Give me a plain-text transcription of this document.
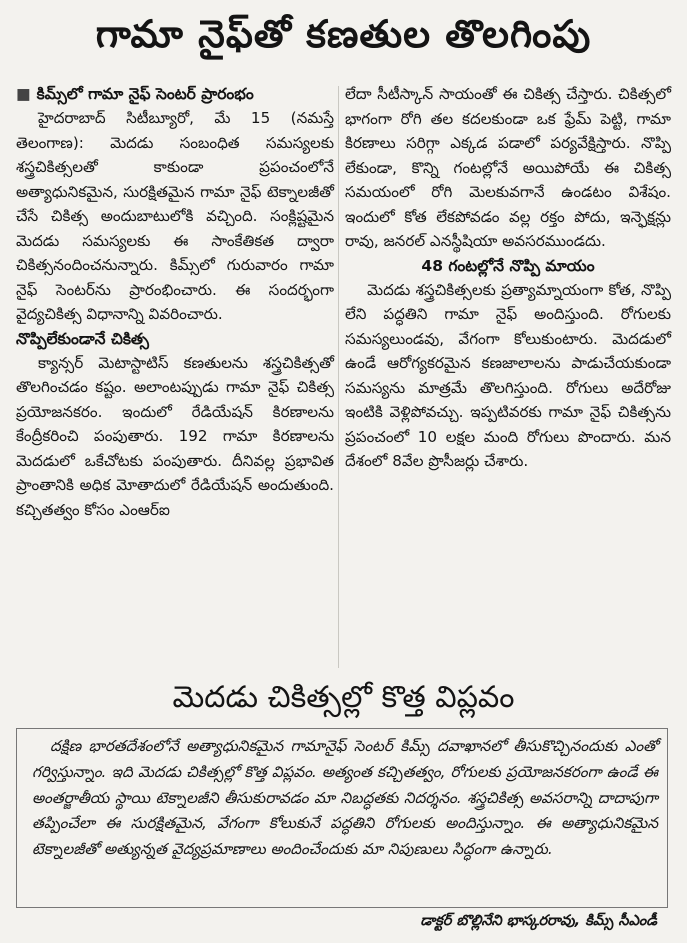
గామా నైఫ్‌తో కణతుల తొలగింపు

■ కిమ్స్‌లో గామా నైఫ్ సెంటర్ ప్రారంభం

హైదరాబాద్ సిటీబ్యూరో, మే 15 (నమస్తే తెలంగాణ): మెదడు సంబంధిత సమస్యలకు శస్త్రచికిత్సలతో కాకుండా ప్రపంచంలోనే అత్యాధునికమైన, సురక్షితమైన గామా నైఫ్ టెక్నాలజీతో చేసే చికిత్స అందుబాటులోకి వచ్చింది. సంక్లిష్టమైన మెదడు సమస్యలకు ఈ సాంకేతికత ద్వారా చికిత్సనందించనున్నారు. కిమ్స్‌లో గురువారం గామా నైఫ్ సెంటర్‌ను ప్రారంభించారు. ఈ సందర్భంగా వైద్యచికిత్స విధానాన్ని వివరించారు.

నొప్పిలేకుండానే చికిత్స

క్యాన్సర్ మెటాస్టాటిస్ కణతులను శస్త్రచికిత్సతో తొలగించడం కష్టం. అలాంటప్పుడు గామా నైఫ్ చికిత్స ప్రయోజనకరం. ఇందులో రేడియేషన్ కిరణాలను కేంద్రీకరించి పంపుతారు. 192 గామా కిరణాలను మెదడులో ఒకేచోటకు పంపుతారు. దీనివల్ల ప్రభావిత ప్రాంతానికి అధిక మోతాదులో రేడియేషన్ అందుతుంది. కచ్చితత్వం కోసం ఎంఆర్ఐ

లేదా సీటీస్కాన్ సాయంతో ఈ చికిత్స చేస్తారు. చికిత్సలో భాగంగా రోగి తల కదలకుండా ఒక ఫ్రేమ్ పెట్టి, గామా కిరణాలు సరిగ్గా ఎక్కడ పడాలో పర్యవేక్షిస్తారు. నొప్పి లేకుండా, కొన్ని గంటల్లోనే అయిపోయే ఈ చికిత్స సమయంలో రోగి మెలకువగానే ఉండటం విశేషం. ఇందులో కోత లేకపోవడం వల్ల రక్తం పోదు, ఇన్ఫెక్షన్లు రావు, జనరల్ ఎనస్థీషియా అవసరముండదు.

48 గంటల్లోనే నొప్పి మాయం

మెదడు శస్త్రచికిత్సలకు ప్రత్యామ్నాయంగా కోత, నొప్పి లేని పద్ధతిని గామా నైఫ్ అందిస్తుంది. రోగులకు సమస్యలుండవు, వేగంగా కోలుకుంటారు. మెదడులో ఉండే ఆరోగ్యకరమైన కణజాలాలను పాడుచేయకుండా సమస్యను మాత్రమే తొలగిస్తుంది. రోగులు అదేరోజు ఇంటికి వెళ్లిపోవచ్చు. ఇప్పటివరకు గామా నైఫ్ చికిత్సను ప్రపంచంలో 10 లక్షల మంది రోగులు పొందారు. మన దేశంలో 8వేల ప్రొసీజర్లు చేశారు.

మెదడు చికిత్సల్లో కొత్త విప్లవం
దక్షిణ భారతదేశంలోనే అత్యాధునికమైన గామానైఫ్ సెంటర్ కిమ్స్ దవాఖానలో తీసుకొచ్చినందుకు ఎంతో గర్విస్తున్నాం. ఇది మెదడు చికిత్సల్లో కొత్త విప్లవం. అత్యంత కచ్చితత్వం, రోగులకు ప్రయోజనకరంగా ఉండే ఈ అంతర్జాతీయ స్థాయి టెక్నాలజీని తీసుకురావడం మా నిబద్ధతకు నిదర్శనం. శస్త్రచికిత్స అవసరాన్ని దాదాపుగా తప్పించేలా ఈ సురక్షితమైన, వేగంగా కోలుకునే పద్ధతిని రోగులకు అందిస్తున్నాం. ఈ అత్యాధునికమైన టెక్నాలజీతో అత్యున్నత వైద్యప్రమాణాలు అందించేందుకు మా నిపుణులు సిద్ధంగా ఉన్నారు.
డాక్టర్ బొల్లినేని భాస్కరరావు, కిమ్స్ సీఎండీ
